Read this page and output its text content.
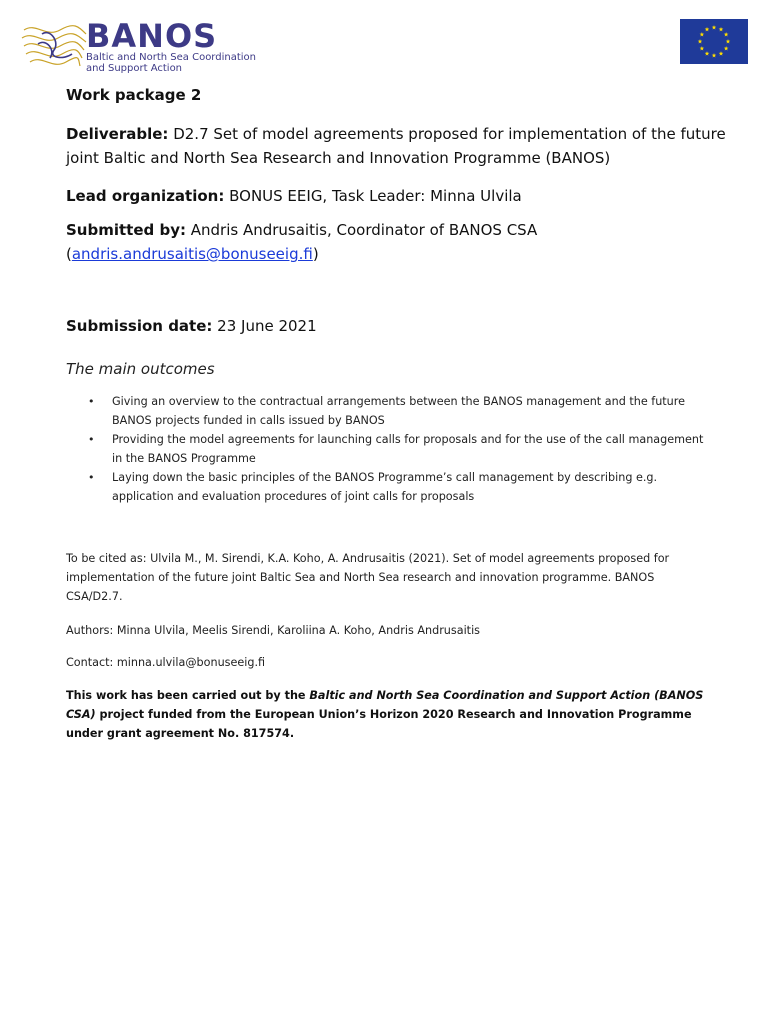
BANOS
Baltic and North Sea Coordination
and Support Action
Work package 2
Deliverable: D2.7 Set of model agreements proposed for implementation of the future joint Baltic and North Sea Research and Innovation Programme (BANOS)
Lead organization: BONUS EEIG, Task Leader: Minna Ulvila
Submitted by: Andris Andrusaitis, Coordinator of BANOS CSA
(andris.andrusaitis@bonuseeig.fi)
Submission date: 23 June 2021
The main outcomes
• Giving an overview to the contractual arrangements between the BANOS management and the future BANOS projects funded in calls issued by BANOS
• Providing the model agreements for launching calls for proposals and for the use of the call management in the BANOS Programme
• Laying down the basic principles of the BANOS Programme’s call management by describing e.g. application and evaluation procedures of joint calls for proposals
To be cited as: Ulvila M., M. Sirendi, K.A. Koho, A. Andrusaitis (2021). Set of model agreements proposed for implementation of the future joint Baltic Sea and North Sea research and innovation programme. BANOS CSA/D2.7.
Authors: Minna Ulvila, Meelis Sirendi, Karoliina A. Koho, Andris Andrusaitis
Contact: minna.ulvila@bonuseeig.fi
This work has been carried out by the Baltic and North Sea Coordination and Support Action (BANOS CSA) project funded from the European Union’s Horizon 2020 Research and Innovation Programme under grant agreement No. 817574.
